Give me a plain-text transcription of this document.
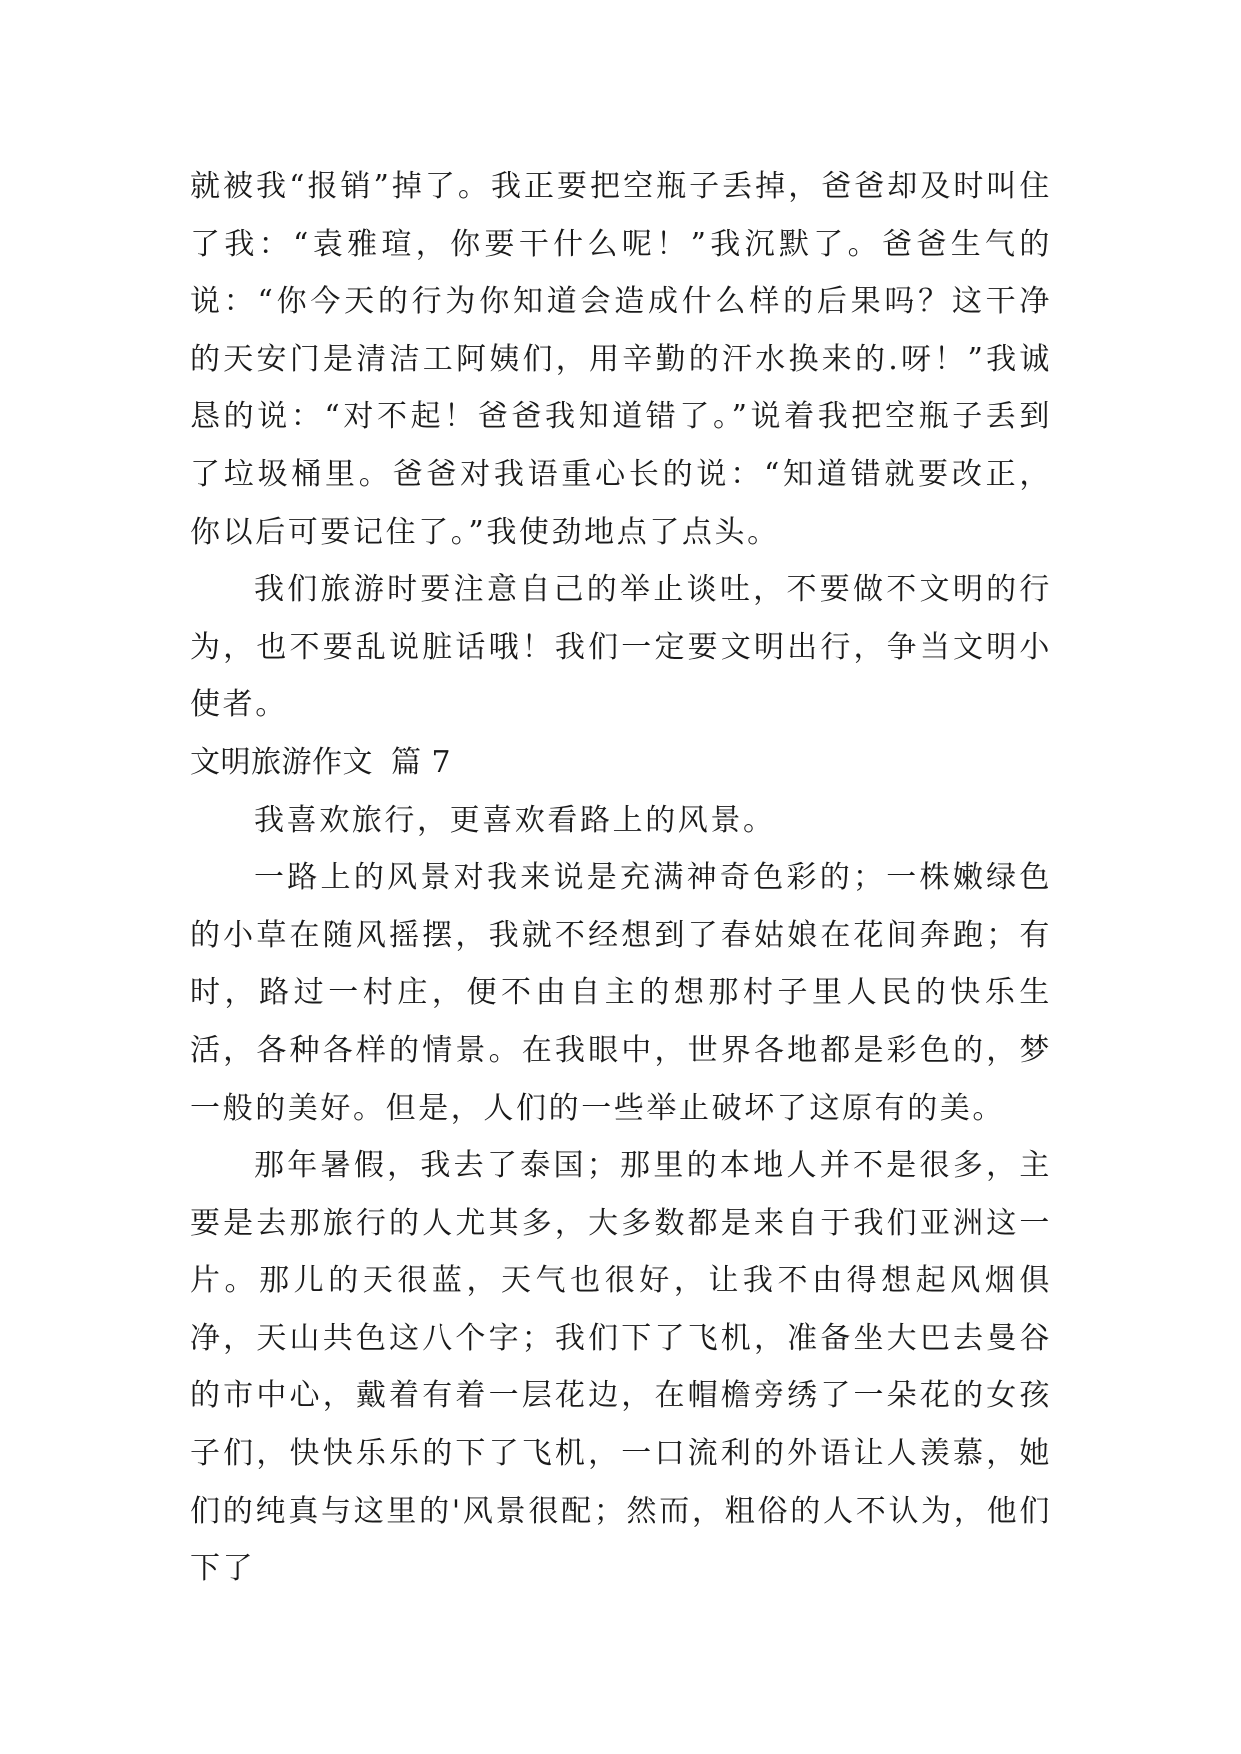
就被我“报销”掉了。我正要把空瓶子丢掉，爸爸却及时叫住了我：“袁雅瑄，你要干什么呢！”我沉默了。爸爸生气的说：“你今天的行为你知道会造成什么样的后果吗？这干净的天安门是清洁工阿姨们，用辛勤的汗水换来的.呀！”我诚恳的说：“对不起！爸爸我知道错了。”说着我把空瓶子丢到了垃圾桶里。爸爸对我语重心长的说：“知道错就要改正，你以后可要记住了。”我使劲地点了点头。

我们旅游时要注意自己的举止谈吐，不要做不文明的行为，也不要乱说脏话哦！我们一定要文明出行，争当文明小使者。

文明旅游作文 篇 7

我喜欢旅行，更喜欢看路上的风景。

一路上的风景对我来说是充满神奇色彩的；一株嫩绿色的小草在随风摇摆，我就不经想到了春姑娘在花间奔跑；有时，路过一村庄，便不由自主的想那村子里人民的快乐生活，各种各样的情景。在我眼中，世界各地都是彩色的，梦一般的美好。但是，人们的一些举止破坏了这原有的美。

那年暑假，我去了泰国；那里的本地人并不是很多，主要是去那旅行的人尤其多，大多数都是来自于我们亚洲这一片。那儿的天很蓝，天气也很好，让我不由得想起风烟俱净，天山共色这八个字；我们下了飞机，准备坐大巴去曼谷的市中心，戴着有着一层花边，在帽檐旁绣了一朵花的女孩子们，快快乐乐的下了飞机，一口流利的外语让人羡慕，她们的纯真与这里的'风景很配；然而，粗俗的人不认为，他们下了
